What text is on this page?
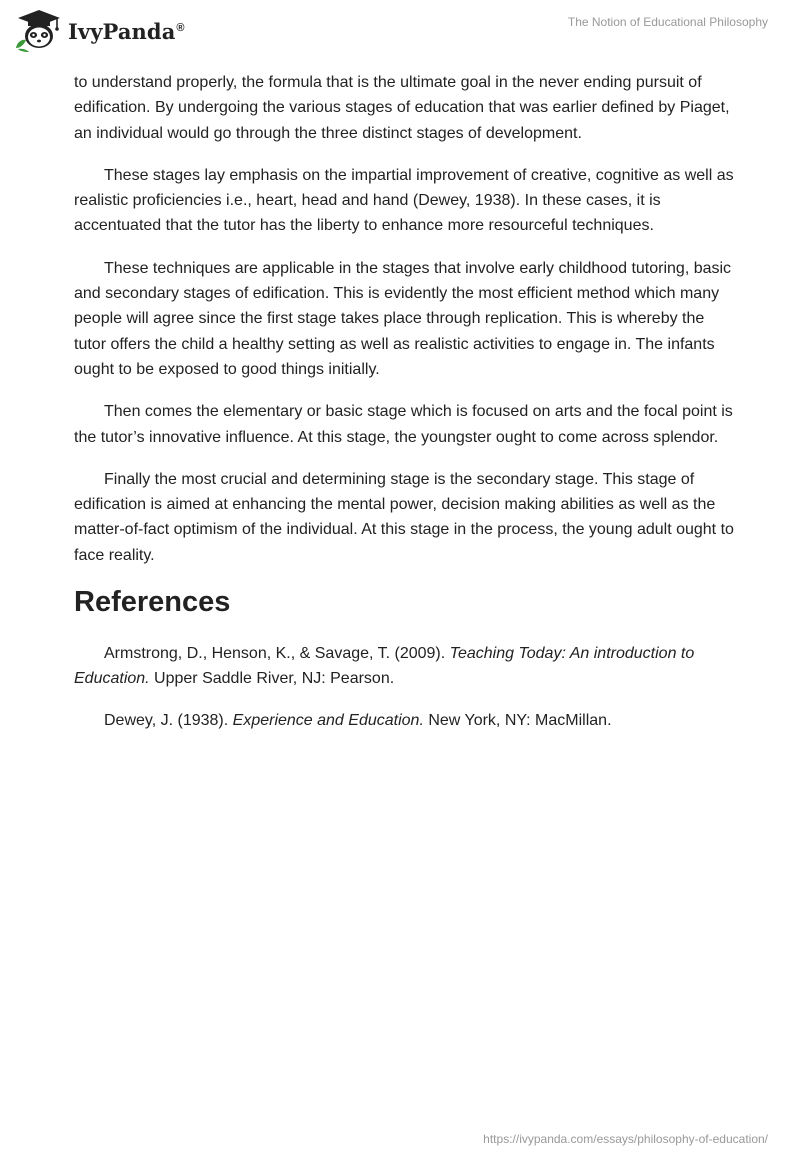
IvyPanda®	The Notion of Educational Philosophy

to understand properly, the formula that is the ultimate goal in the never ending pursuit of edification. By undergoing the various stages of education that was earlier defined by Piaget, an individual would go through the three distinct stages of development.

These stages lay emphasis on the impartial improvement of creative, cognitive as well as realistic proficiencies i.e., heart, head and hand (Dewey, 1938). In these cases, it is accentuated that the tutor has the liberty to enhance more resourceful techniques.

These techniques are applicable in the stages that involve early childhood tutoring, basic and secondary stages of edification. This is evidently the most efficient method which many people will agree since the first stage takes place through replication. This is whereby the tutor offers the child a healthy setting as well as realistic activities to engage in. The infants ought to be exposed to good things initially.

Then comes the elementary or basic stage which is focused on arts and the focal point is the tutor’s innovative influence. At this stage, the youngster ought to come across splendor.

Finally the most crucial and determining stage is the secondary stage. This stage of edification is aimed at enhancing the mental power, decision making abilities as well as the matter-of-fact optimism of the individual. At this stage in the process, the young adult ought to face reality.

References

Armstrong, D., Henson, K., & Savage, T. (2009). Teaching Today: An introduction to Education. Upper Saddle River, NJ: Pearson.

Dewey, J. (1938). Experience and Education. New York, NY: MacMillan.

https://ivypanda.com/essays/philosophy-of-education/
